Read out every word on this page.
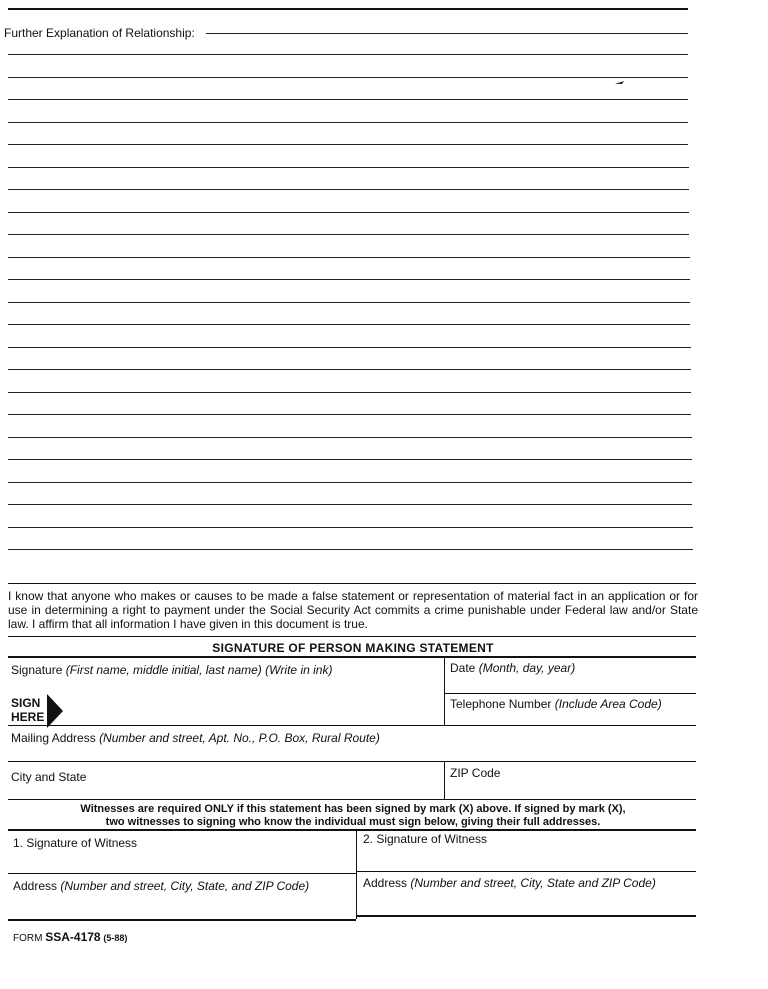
Further Explanation of Relationship:
I know that anyone who makes or causes to be made a false statement or representation of material fact in an application or for use in determining a right to payment under the Social Security Act commits a crime punishable under Federal law and/or State law. I affirm that all information I have given in this document is true.
SIGNATURE OF PERSON MAKING STATEMENT
Signature (First name, middle initial, last name) (Write in ink)	Date (Month, day, year)
SIGN
HERE
Telephone Number (Include Area Code)
Mailing Address (Number and street, Apt. No., P.O. Box, Rural Route)
City and State	ZIP Code
Witnesses are required ONLY if this statement has been signed by mark (X) above. If signed by mark (X),
two witnesses to signing who know the individual must sign below, giving their full addresses.
1. Signature of Witness	2. Signature of Witness
Address (Number and street, City, State, and ZIP Code)	Address (Number and street, City, State and ZIP Code)
FORM SSA-4178 (5-88)
